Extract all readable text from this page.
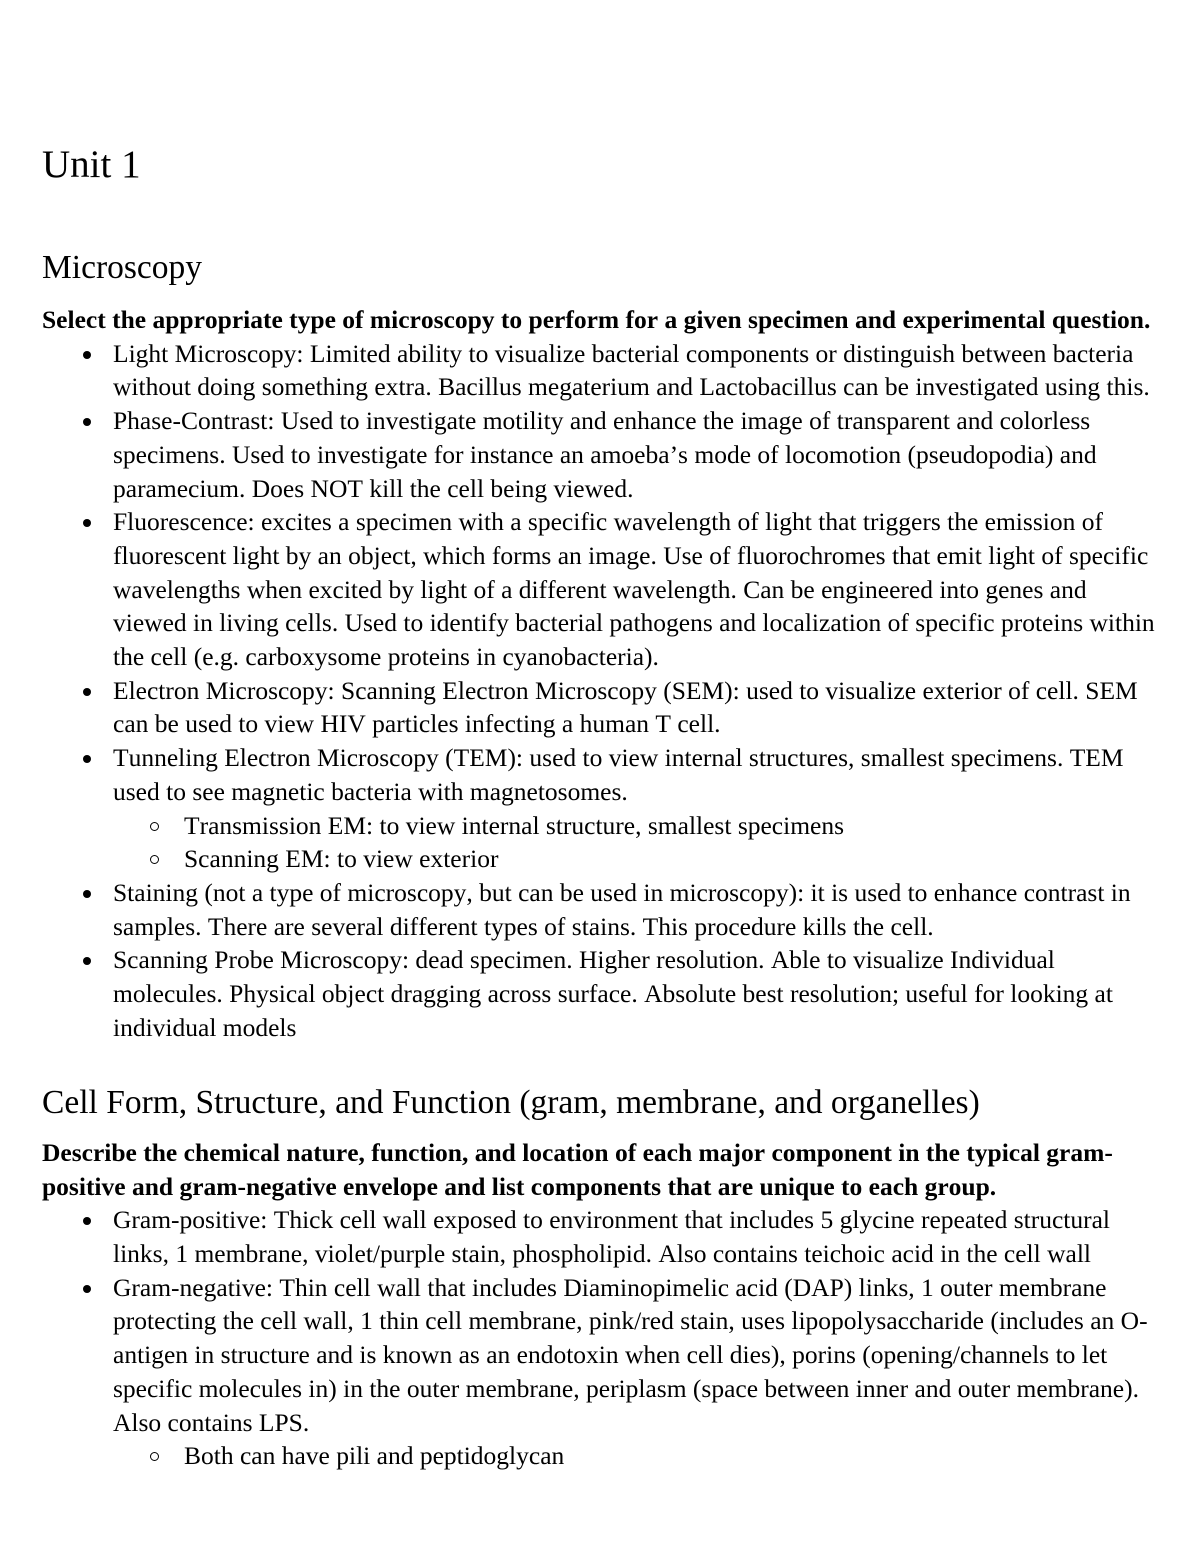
Unit 1
Microscopy

Select the appropriate type of microscopy to perform for a given specimen and experimental question.

Light Microscopy: Limited ability to visualize bacterial components or distinguish between bacteria without doing something extra. Bacillus megaterium and Lactobacillus can be investigated using this.
Phase-Contrast: Used to investigate motility and enhance the image of transparent and colorless specimens. Used to investigate for instance an amoeba’s mode of locomotion (pseudopodia) and paramecium. Does NOT kill the cell being viewed.
Fluorescence: excites a specimen with a specific wavelength of light that triggers the emission of fluorescent light by an object, which forms an image. Use of fluorochromes that emit light of specific wavelengths when excited by light of a different wavelength. Can be engineered into genes and viewed in living cells. Used to identify bacterial pathogens and localization of specific proteins within the cell (e.g. carboxysome proteins in cyanobacteria).
Electron Microscopy: Scanning Electron Microscopy (SEM): used to visualize exterior of cell. SEM can be used to view HIV particles infecting a human T cell.
Tunneling Electron Microscopy (TEM): used to view internal structures, smallest specimens. TEM used to see magnetic bacteria with magnetosomes.
Transmission EM: to view internal structure, smallest specimens
Scanning EM: to view exterior
Staining (not a type of microscopy, but can be used in microscopy): it is used to enhance contrast in samples. There are several different types of stains. This procedure kills the cell.
Scanning Probe Microscopy: dead specimen. Higher resolution. Able to visualize Individual molecules. Physical object dragging across surface. Absolute best resolution; useful for looking at individual models
Cell Form, Structure, and Function (gram, membrane, and organelles)

Describe the chemical nature, function, and location of each major component in the typical gram-positive and gram-negative envelope and list components that are unique to each group.

Gram-positive: Thick cell wall exposed to environment that includes 5 glycine repeated structural links, 1 membrane, violet/purple stain, phospholipid. Also contains teichoic acid in the cell wall
Gram-negative: Thin cell wall that includes Diaminopimelic acid (DAP) links, 1 outer membrane protecting the cell wall, 1 thin cell membrane, pink/red stain, uses lipopolysaccharide (includes an O-antigen in structure and is known as an endotoxin when cell dies), porins (opening/channels to let specific molecules in) in the outer membrane, periplasm (space between inner and outer membrane). Also contains LPS.
Both can have pili and peptidoglycan
